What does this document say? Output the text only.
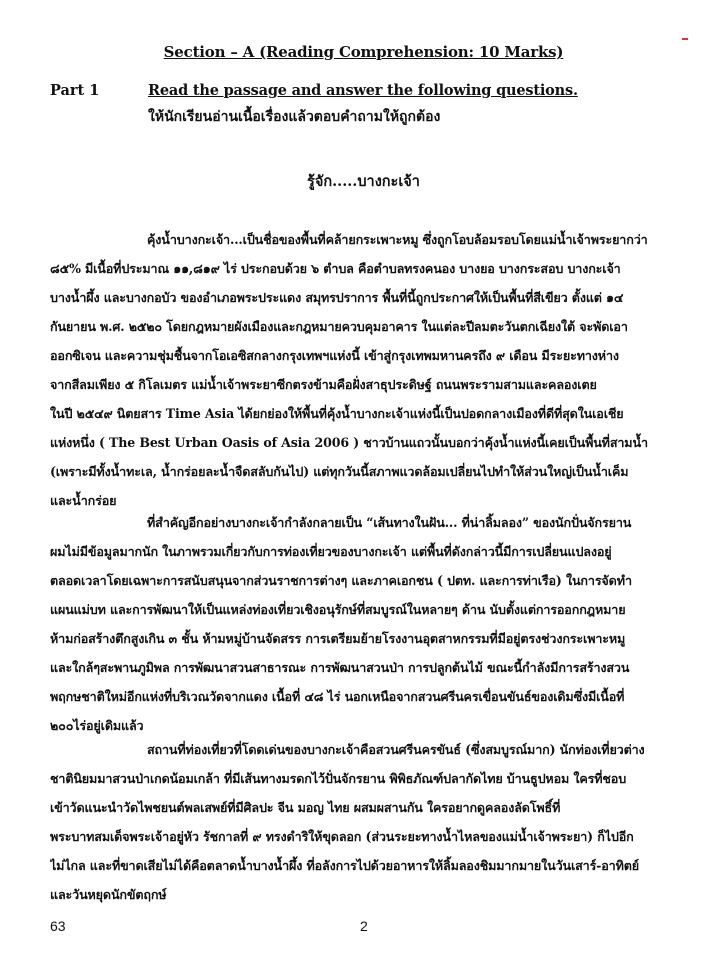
Section – A (Reading Comprehension: 10 Marks)
Part 1	Read the passage and answer the following questions.
ให้นักเรียนอ่านเนื้อเรื่องแล้วตอบคำถามให้ถูกต้อง
รู้จัก.....บางกะเจ้า
คุ้งน้ำบางกะเจ้า...เป็นชื่อของพื้นที่คล้ายกระเพาะหมู ซึ่งถูกโอบล้อมรอบโดยแม่น้ำเจ้าพระยากว่า
๘๕% มีเนื้อที่ประมาณ ๑๑,๘๑๙ ไร่ ประกอบด้วย ๖ ตำบล คือตำบลทรงคนอง บางยอ บางกระสอบ บางกะเจ้า
บางน้ำผึ้ง และบางกอบัว ของอำเภอพระประแดง สมุทรปราการ พื้นที่นี้ถูกประกาศให้เป็นพื้นที่สีเขียว ตั้งแต่ ๑๔
กันยายน พ.ศ. ๒๕๒๐ โดยกฎหมายผังเมืองและกฎหมายควบคุมอาคาร ในแต่ละปีลมตะวันตกเฉียงใต้ จะพัดเอา
ออกซิเจน และความชุ่มชื้นจากโอเอซิสกลางกรุงเทพฯแห่งนี้ เข้าสู่กรุงเทพมหานครถึง ๙ เดือน มีระยะทางห่าง
จากสีลมเพียง ๕ กิโลเมตร แม่น้ำเจ้าพระยาซีกตรงข้ามคือฝั่งสาธุประดิษฐ์ ถนนพระรามสามและคลองเตย
ในปี ๒๕๔๙ นิตยสาร Time Asia ได้ยกย่องให้พื้นที่คุ้งน้ำบางกะเจ้าแห่งนี้เป็นปอดกลางเมืองที่ดีที่สุดในเอเชีย
แห่งหนึ่ง ( The Best Urban Oasis of Asia 2006 ) ชาวบ้านแถวนั้นบอกว่าคุ้งน้ำแห่งนี้เคยเป็นพื้นที่สามน้ำ
(เพราะมีทั้งน้ำทะเล, น้ำกร่อยละน้ำจืดสลับกันไป) แต่ทุกวันนี้สภาพแวดล้อมเปลี่ยนไปทำให้ส่วนใหญ่เป็นน้ำเค็ม
และน้ำกร่อย
ที่สำคัญอีกอย่างบางกะเจ้ากำลังกลายเป็น “เส้นทางในฝัน... ที่น่าลิ้มลอง” ของนักปั่นจักรยาน
ผมไม่มีข้อมูลมากนัก ในภาพรวมเกี่ยวกับการท่องเที่ยวของบางกะเจ้า แต่พื้นที่ดังกล่าวนี้มีการเปลี่ยนแปลงอยู่
ตลอดเวลาโดยเฉพาะการสนับสนุนจากส่วนราชการต่างๆ และภาคเอกชน ( ปตท. และการท่าเรือ) ในการจัดทำ
แผนแม่บท และการพัฒนาให้เป็นแหล่งท่องเที่ยวเชิงอนุรักษ์ที่สมบูรณ์ในหลายๆ ด้าน นับตั้งแต่การออกกฎหมาย
ห้ามก่อสร้างตึกสูงเกิน ๓ ชั้น ห้ามหมู่บ้านจัดสรร การเตรียมย้ายโรงงานอุตสาหกรรมที่มีอยู่ตรงช่วงกระเพาะหมู
และใกล้ๆสะพานภูมิพล การพัฒนาสวนสาธารณะ การพัฒนาสวนป่า การปลูกต้นไม้ ขณะนี้กำลังมีการสร้างสวน
พฤกษชาติใหม่อีกแห่งที่บริเวณวัดจากแดง เนื้อที่ ๔๘ ไร่ นอกเหนือจากสวนศรีนครเขื่อนขันธ์ของเดิมซึ่งมีเนื้อที่
๒๐๐ไร่อยู่เดิมแล้ว
สถานที่ท่องเที่ยวที่โดดเด่นของบางกะเจ้าคือสวนศรีนครขันธ์ (ซึ่งสมบูรณ์มาก) นักท่องเที่ยวต่าง
ชาตินิยมมาสวนป่าเกดน้อมเกล้า ที่มีเส้นทางมรดกไว้ปั่นจักรยาน พิพิธภัณฑ์ปลากัดไทย บ้านธูปหอม ใครที่ชอบ
เข้าวัดแนะนำวัดไพชยนต์พลเสพย์ที่มีศิลปะ จีน มอญ ไทย ผสมผสานกัน ใครอยากดูคลองลัดโพธิ์ที่
พระบาทสมเด็จพระเจ้าอยู่หัว รัชกาลที่ ๙ ทรงดำริให้ขุดลอก (ส่วนระยะทางน้ำไหลของแม่น้ำเจ้าพระยา) ก็ไปอีก
ไม่ไกล และที่ขาดเสียไม่ได้คือตลาดน้ำบางน้ำผึ้ง ที่อลังการไปด้วยอาหารให้ลิ้มลองชิมมากมายในวันเสาร์-อาทิตย์
และวันหยุดนักขัตฤกษ์
63	2
